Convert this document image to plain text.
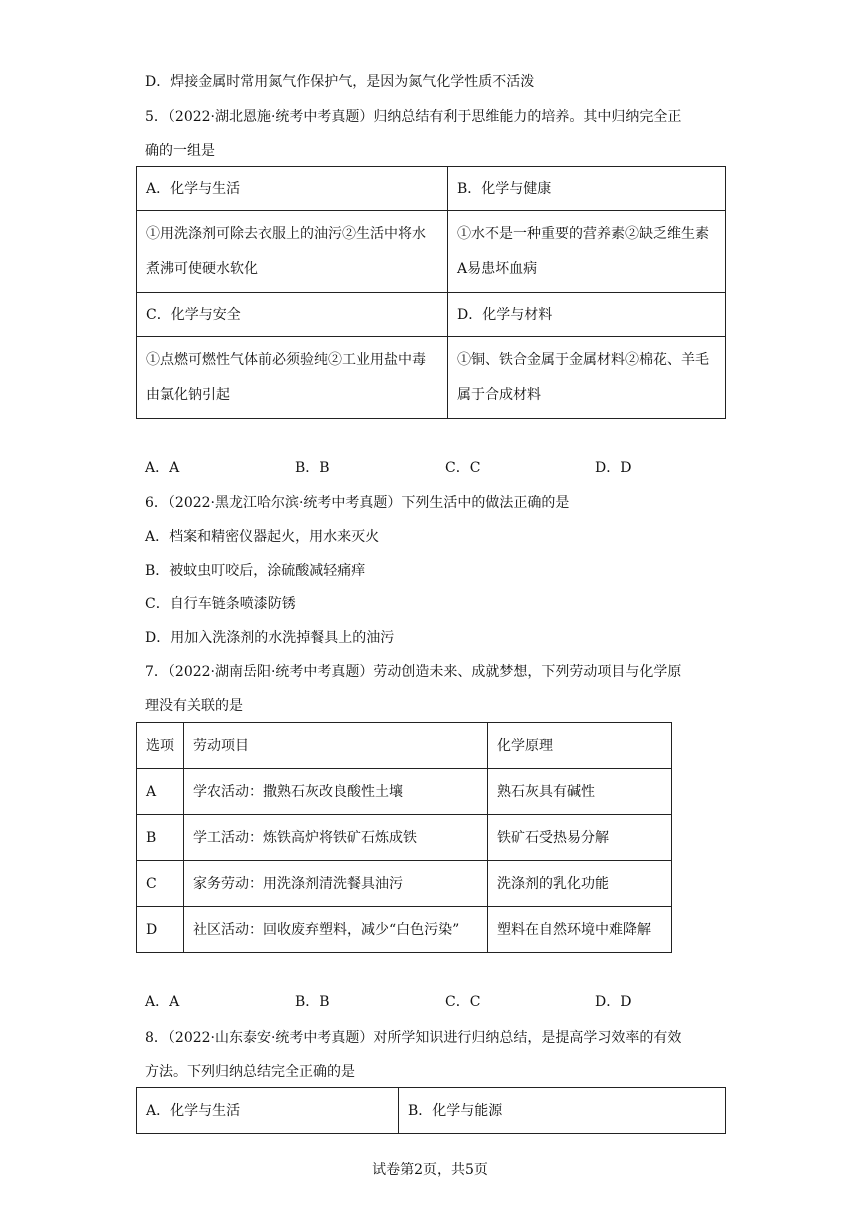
D．焊接金属时常用氮气作保护气，是因为氮气化学性质不活泼
5．（2022·湖北恩施·统考中考真题）归纳总结有利于思维能力的培养。其中归纳完全正
确的一组是
A．化学与生活	B．化学与健康
①用洗涤剂可除去衣服上的油污②生活中将水煮沸可使硬水软化	①水不是一种重要的营养素②缺乏维生素A易患坏血病
C．化学与安全	D．化学与材料
①点燃可燃性气体前必须验纯②工业用盐中毒由氯化钠引起	①铜、铁合金属于金属材料②棉花、羊毛属于合成材料
A．A	B．B	C．C	D．D
6．（2022·黑龙江哈尔滨·统考中考真题）下列生活中的做法正确的是
A．档案和精密仪器起火，用水来灭火
B．被蚊虫叮咬后，涂硫酸减轻痛痒
C．自行车链条喷漆防锈
D．用加入洗涤剂的水洗掉餐具上的油污
7．（2022·湖南岳阳·统考中考真题）劳动创造未来、成就梦想，下列劳动项目与化学原
理没有关联的是
选项	劳动项目	化学原理
A	学农活动：撒熟石灰改良酸性土壤	熟石灰具有碱性
B	学工活动：炼铁高炉将铁矿石炼成铁	铁矿石受热易分解
C	家务劳动：用洗涤剂清洗餐具油污	洗涤剂的乳化功能
D	社区活动：回收废弃塑料，减少“白色污染”	塑料在自然环境中难降解
A．A	B．B	C．C	D．D
8．（2022·山东泰安·统考中考真题）对所学知识进行归纳总结，是提高学习效率的有效
方法。下列归纳总结完全正确的是
A．化学与生活	B．化学与能源
试卷第2页，共5页
